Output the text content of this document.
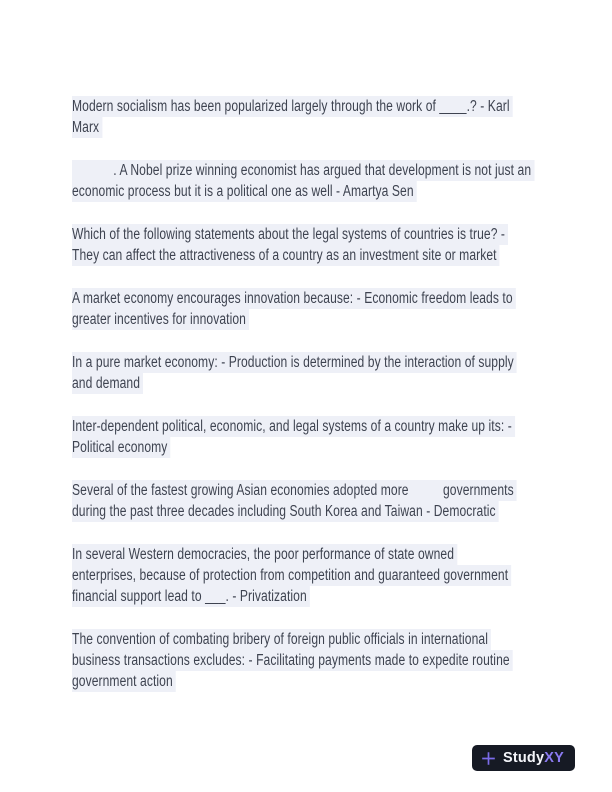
Modern socialism has been popularized largely through the work of ____.? - Karl
Marx
. A Nobel prize winning economist has argued that development is not just an
economic process but it is a political one as well - Amartya Sen
Which of the following statements about the legal systems of countries is true? -
They can affect the attractiveness of a country as an investment site or market
A market economy encourages innovation because: - Economic freedom leads to
greater incentives for innovation
In a pure market economy: - Production is determined by the interaction of supply
and demand
Inter-dependent political, economic, and legal systems of a country make up its: -
Political economy
Several of the fastest growing Asian economies adopted more          governments
during the past three decades including South Korea and Taiwan - Democratic
In several Western democracies, the poor performance of state owned
enterprises, because of protection from competition and guaranteed government
financial support lead to ___. - Privatization
The convention of combating bribery of foreign public officials in international
business transactions excludes: - Facilitating payments made to expedite routine
government action
StudyXY
